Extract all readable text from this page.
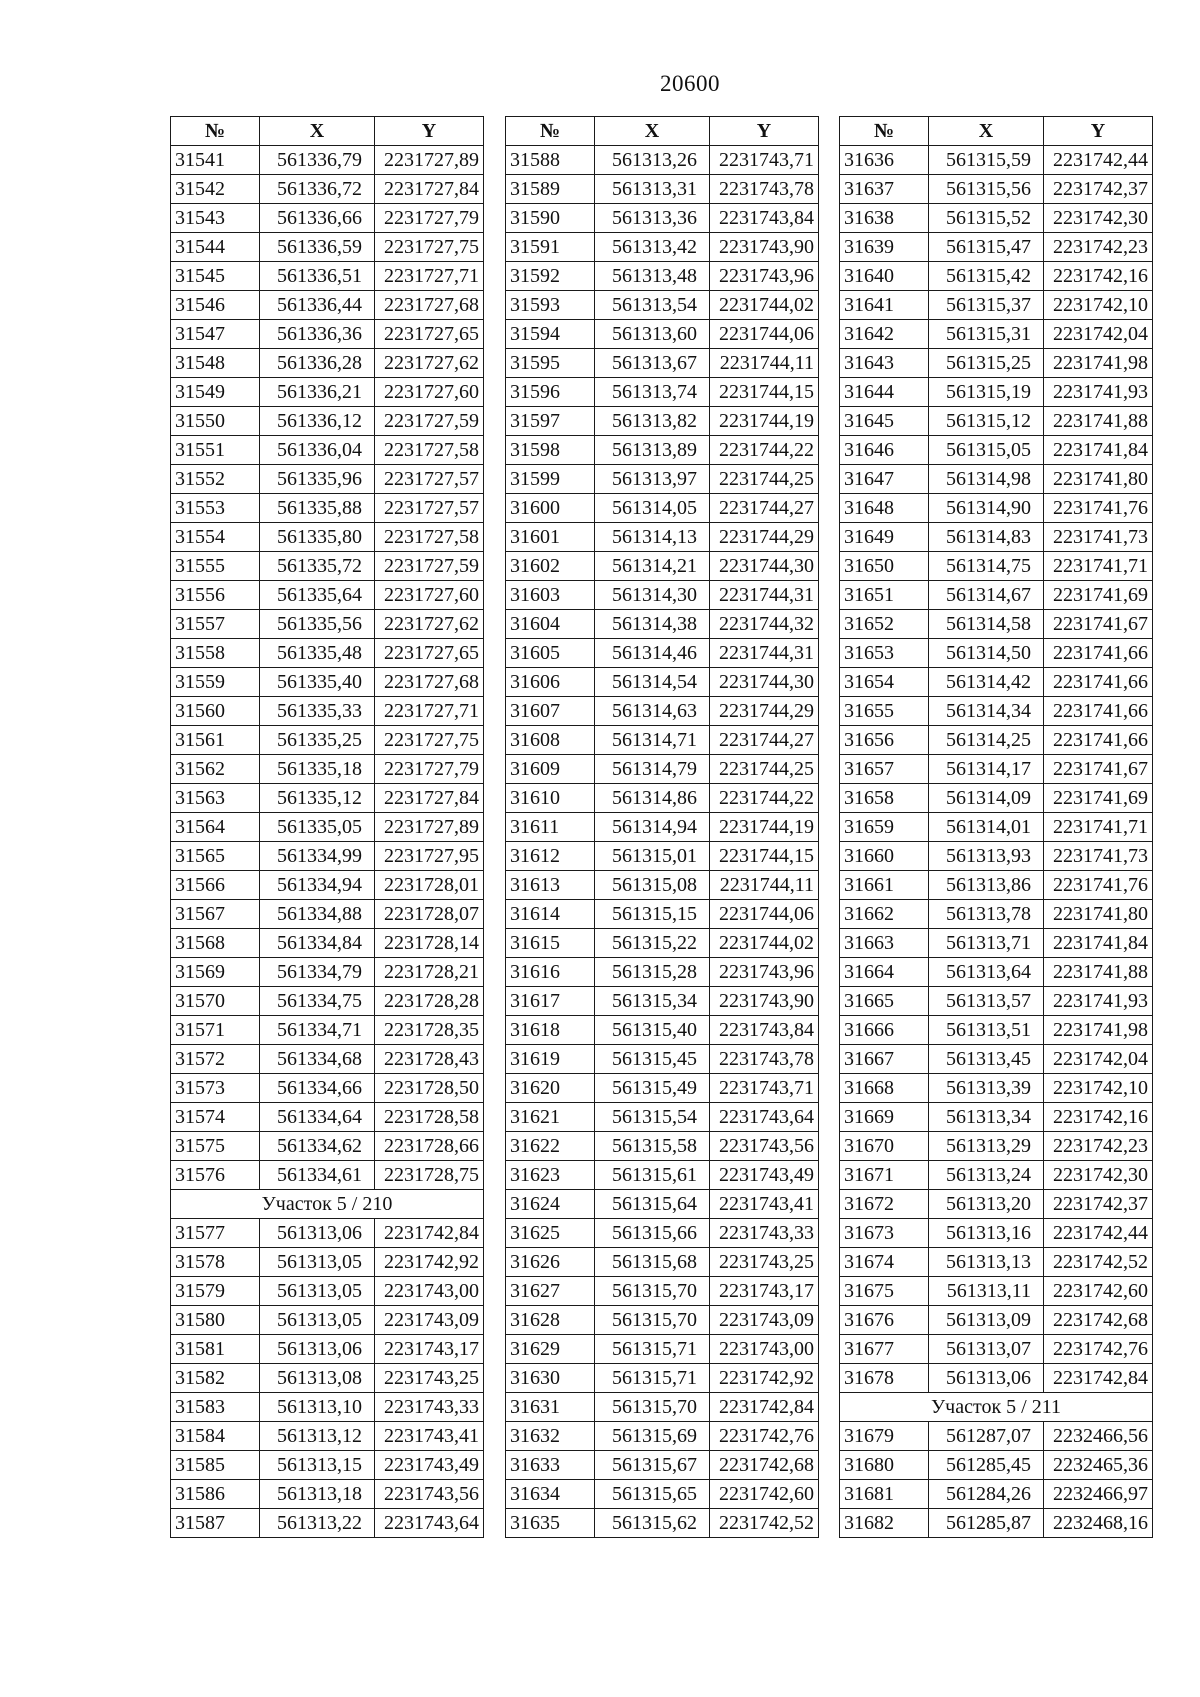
20600
№	X	Y
31541	561336,79	2231727,89
31542	561336,72	2231727,84
31543	561336,66	2231727,79
31544	561336,59	2231727,75
31545	561336,51	2231727,71
31546	561336,44	2231727,68
31547	561336,36	2231727,65
31548	561336,28	2231727,62
31549	561336,21	2231727,60
31550	561336,12	2231727,59
31551	561336,04	2231727,58
31552	561335,96	2231727,57
31553	561335,88	2231727,57
31554	561335,80	2231727,58
31555	561335,72	2231727,59
31556	561335,64	2231727,60
31557	561335,56	2231727,62
31558	561335,48	2231727,65
31559	561335,40	2231727,68
31560	561335,33	2231727,71
31561	561335,25	2231727,75
31562	561335,18	2231727,79
31563	561335,12	2231727,84
31564	561335,05	2231727,89
31565	561334,99	2231727,95
31566	561334,94	2231728,01
31567	561334,88	2231728,07
31568	561334,84	2231728,14
31569	561334,79	2231728,21
31570	561334,75	2231728,28
31571	561334,71	2231728,35
31572	561334,68	2231728,43
31573	561334,66	2231728,50
31574	561334,64	2231728,58
31575	561334,62	2231728,66
31576	561334,61	2231728,75
Участок 5 / 210		
31577	561313,06	2231742,84
31578	561313,05	2231742,92
31579	561313,05	2231743,00
31580	561313,05	2231743,09
31581	561313,06	2231743,17
31582	561313,08	2231743,25
31583	561313,10	2231743,33
31584	561313,12	2231743,41
31585	561313,15	2231743,49
31586	561313,18	2231743,56
31587	561313,22	2231743,64
№	X	Y
31588	561313,26	2231743,71
31589	561313,31	2231743,78
31590	561313,36	2231743,84
31591	561313,42	2231743,90
31592	561313,48	2231743,96
31593	561313,54	2231744,02
31594	561313,60	2231744,06
31595	561313,67	2231744,11
31596	561313,74	2231744,15
31597	561313,82	2231744,19
31598	561313,89	2231744,22
31599	561313,97	2231744,25
31600	561314,05	2231744,27
31601	561314,13	2231744,29
31602	561314,21	2231744,30
31603	561314,30	2231744,31
31604	561314,38	2231744,32
31605	561314,46	2231744,31
31606	561314,54	2231744,30
31607	561314,63	2231744,29
31608	561314,71	2231744,27
31609	561314,79	2231744,25
31610	561314,86	2231744,22
31611	561314,94	2231744,19
31612	561315,01	2231744,15
31613	561315,08	2231744,11
31614	561315,15	2231744,06
31615	561315,22	2231744,02
31616	561315,28	2231743,96
31617	561315,34	2231743,90
31618	561315,40	2231743,84
31619	561315,45	2231743,78
31620	561315,49	2231743,71
31621	561315,54	2231743,64
31622	561315,58	2231743,56
31623	561315,61	2231743,49
31624	561315,64	2231743,41
31625	561315,66	2231743,33
31626	561315,68	2231743,25
31627	561315,70	2231743,17
31628	561315,70	2231743,09
31629	561315,71	2231743,00
31630	561315,71	2231742,92
31631	561315,70	2231742,84
31632	561315,69	2231742,76
31633	561315,67	2231742,68
31634	561315,65	2231742,60
31635	561315,62	2231742,52
№	X	Y
31636	561315,59	2231742,44
31637	561315,56	2231742,37
31638	561315,52	2231742,30
31639	561315,47	2231742,23
31640	561315,42	2231742,16
31641	561315,37	2231742,10
31642	561315,31	2231742,04
31643	561315,25	2231741,98
31644	561315,19	2231741,93
31645	561315,12	2231741,88
31646	561315,05	2231741,84
31647	561314,98	2231741,80
31648	561314,90	2231741,76
31649	561314,83	2231741,73
31650	561314,75	2231741,71
31651	561314,67	2231741,69
31652	561314,58	2231741,67
31653	561314,50	2231741,66
31654	561314,42	2231741,66
31655	561314,34	2231741,66
31656	561314,25	2231741,66
31657	561314,17	2231741,67
31658	561314,09	2231741,69
31659	561314,01	2231741,71
31660	561313,93	2231741,73
31661	561313,86	2231741,76
31662	561313,78	2231741,80
31663	561313,71	2231741,84
31664	561313,64	2231741,88
31665	561313,57	2231741,93
31666	561313,51	2231741,98
31667	561313,45	2231742,04
31668	561313,39	2231742,10
31669	561313,34	2231742,16
31670	561313,29	2231742,23
31671	561313,24	2231742,30
31672	561313,20	2231742,37
31673	561313,16	2231742,44
31674	561313,13	2231742,52
31675	561313,11	2231742,60
31676	561313,09	2231742,68
31677	561313,07	2231742,76
31678	561313,06	2231742,84
Участок 5 / 211		
31679	561287,07	2232466,56
31680	561285,45	2232465,36
31681	561284,26	2232466,97
31682	561285,87	2232468,16
